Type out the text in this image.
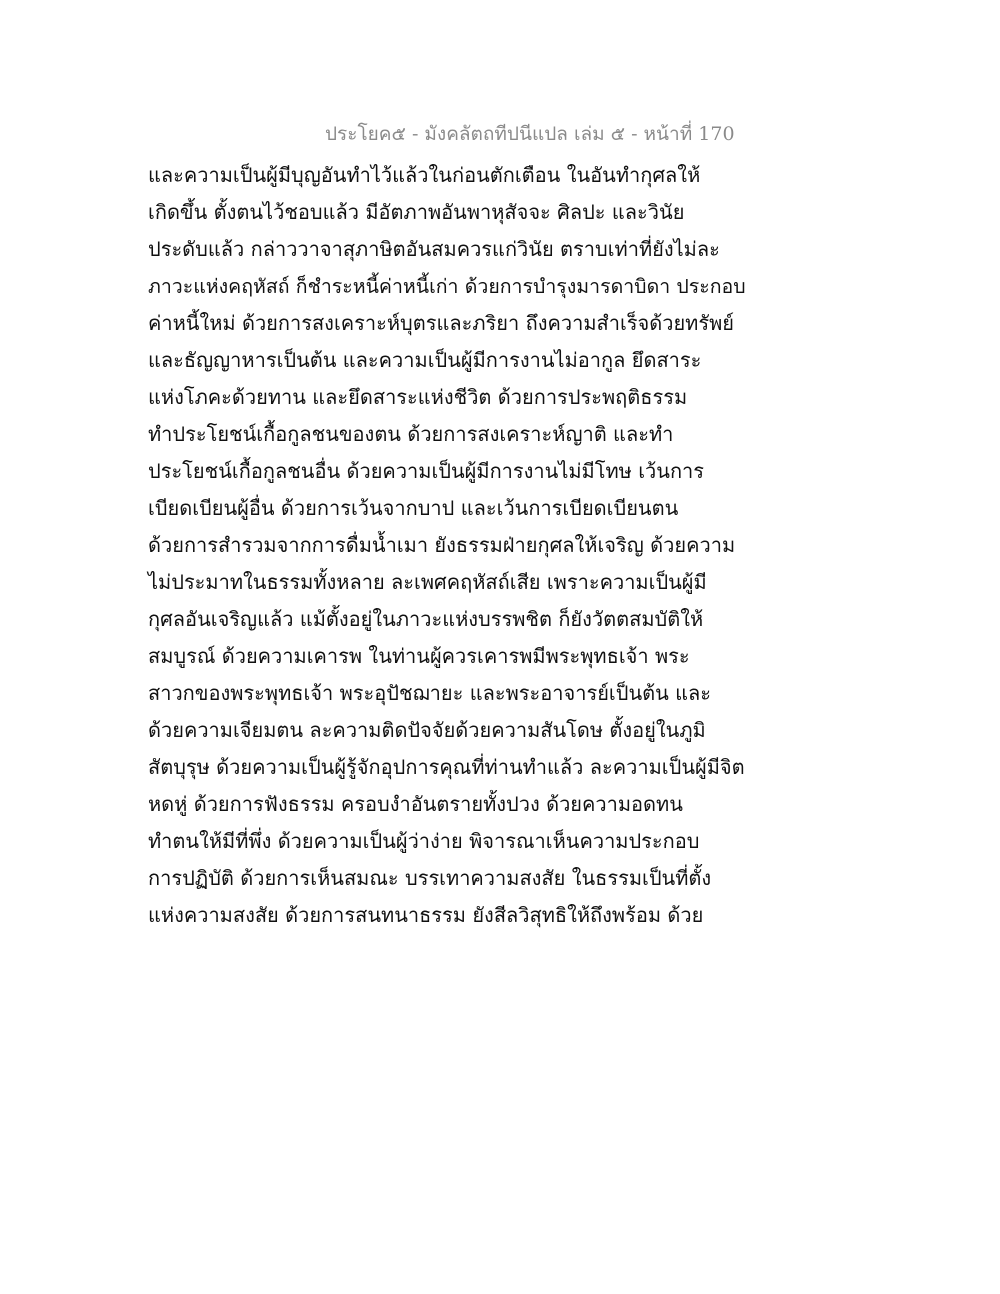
ประโยค๕ - มังคลัตถทีปนีแปล เล่ม ๕ - หน้าที่ 170
และความเป็นผู้มีบุญอันทำไว้แล้วในก่อนตักเตือน ในอันทำกุศลให้
เกิดขึ้น ตั้งตนไว้ชอบแล้ว มีอัตภาพอันพาหุสัจจะ ศิลปะ และวินัย
ประดับแล้ว กล่าววาจาสุภาษิตอันสมควรแก่วินัย ตราบเท่าที่ยังไม่ละ
ภาวะแห่งคฤหัสถ์ ก็ชำระหนี้ค่าหนี้เก่า ด้วยการบำรุงมารดาบิดา ประกอบ
ค่าหนี้ใหม่ ด้วยการสงเคราะห์บุตรและภริยา ถึงความสำเร็จด้วยทรัพย์
และธัญญาหารเป็นต้น และความเป็นผู้มีการงานไม่อากูล ยึดสาระ
แห่งโภคะด้วยทาน และยึดสาระแห่งชีวิต ด้วยการประพฤติธรรม
ทำประโยชน์เกื้อกูลชนของตน ด้วยการสงเคราะห์ญาติ และทำ
ประโยชน์เกื้อกูลชนอื่น ด้วยความเป็นผู้มีการงานไม่มีโทษ เว้นการ
เบียดเบียนผู้อื่น ด้วยการเว้นจากบาป และเว้นการเบียดเบียนตน
ด้วยการสำรวมจากการดื่มน้ำเมา ยังธรรมฝ่ายกุศลให้เจริญ ด้วยความ
ไม่ประมาทในธรรมทั้งหลาย ละเพศคฤหัสถ์เสีย เพราะความเป็นผู้มี
กุศลอันเจริญแล้ว แม้ตั้งอยู่ในภาวะแห่งบรรพชิต ก็ยังวัตตสมบัติให้
สมบูรณ์ ด้วยความเคารพ ในท่านผู้ควรเคารพมีพระพุทธเจ้า พระ
สาวกของพระพุทธเจ้า พระอุปัชฌายะ และพระอาจารย์เป็นต้น และ
ด้วยความเจียมตน ละความติดปัจจัยด้วยความสันโดษ ตั้งอยู่ในภูมิ
สัตบุรุษ ด้วยความเป็นผู้รู้จักอุปการคุณที่ท่านทำแล้ว ละความเป็นผู้มีจิต
หดหู่ ด้วยการฟังธรรม ครอบงำอันตรายทั้งปวง ด้วยความอดทน
ทำตนให้มีที่พึ่ง ด้วยความเป็นผู้ว่าง่าย พิจารณาเห็นความประกอบ
การปฏิบัติ ด้วยการเห็นสมณะ บรรเทาความสงสัย ในธรรมเป็นที่ตั้ง
แห่งความสงสัย ด้วยการสนทนาธรรม ยังสีลวิสุทธิให้ถึงพร้อม ด้วย
